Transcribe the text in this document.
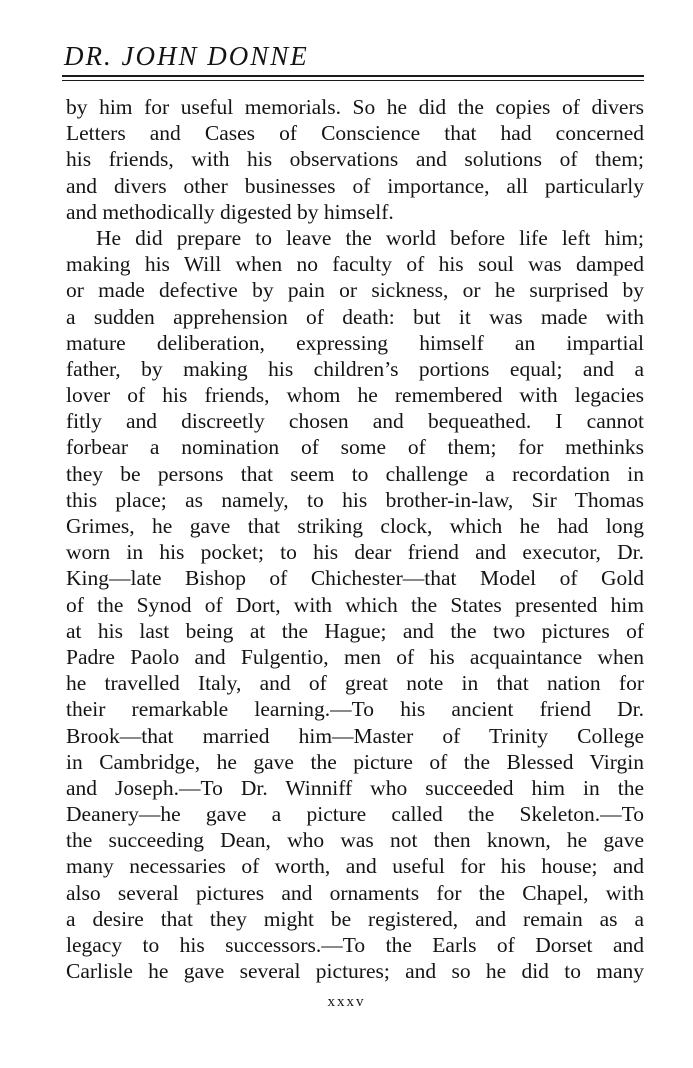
DR. JOHN DONNE
by him for useful memorials. So he did the copies of divers
Letters and Cases of Conscience that had concerned
his friends, with his observations and solutions of them;
and divers other businesses of importance, all particularly
and methodically digested by himself.
He did prepare to leave the world before life left him;
making his Will when no faculty of his soul was damped
or made defective by pain or sickness, or he surprised by
a sudden apprehension of death: but it was made with
mature deliberation, expressing himself an impartial
father, by making his children’s portions equal; and a
lover of his friends, whom he remembered with legacies
fitly and discreetly chosen and bequeathed. I cannot
forbear a nomination of some of them; for methinks
they be persons that seem to challenge a recordation in
this place; as namely, to his brother-in-law, Sir Thomas
Grimes, he gave that striking clock, which he had long
worn in his pocket; to his dear friend and executor, Dr.
King—late Bishop of Chichester—that Model of Gold
of the Synod of Dort, with which the States presented him
at his last being at the Hague; and the two pictures of
Padre Paolo and Fulgentio, men of his acquaintance when
he travelled Italy, and of great note in that nation for
their remarkable learning.—To his ancient friend Dr.
Brook—that married him—Master of Trinity College
in Cambridge, he gave the picture of the Blessed Virgin
and Joseph.—To Dr. Winniff who succeeded him in the
Deanery—he gave a picture called the Skeleton.—To
the succeeding Dean, who was not then known, he gave
many necessaries of worth, and useful for his house; and
also several pictures and ornaments for the Chapel, with
a desire that they might be registered, and remain as a
legacy to his successors.—To the Earls of Dorset and
Carlisle he gave several pictures; and so he did to many
xxxv
